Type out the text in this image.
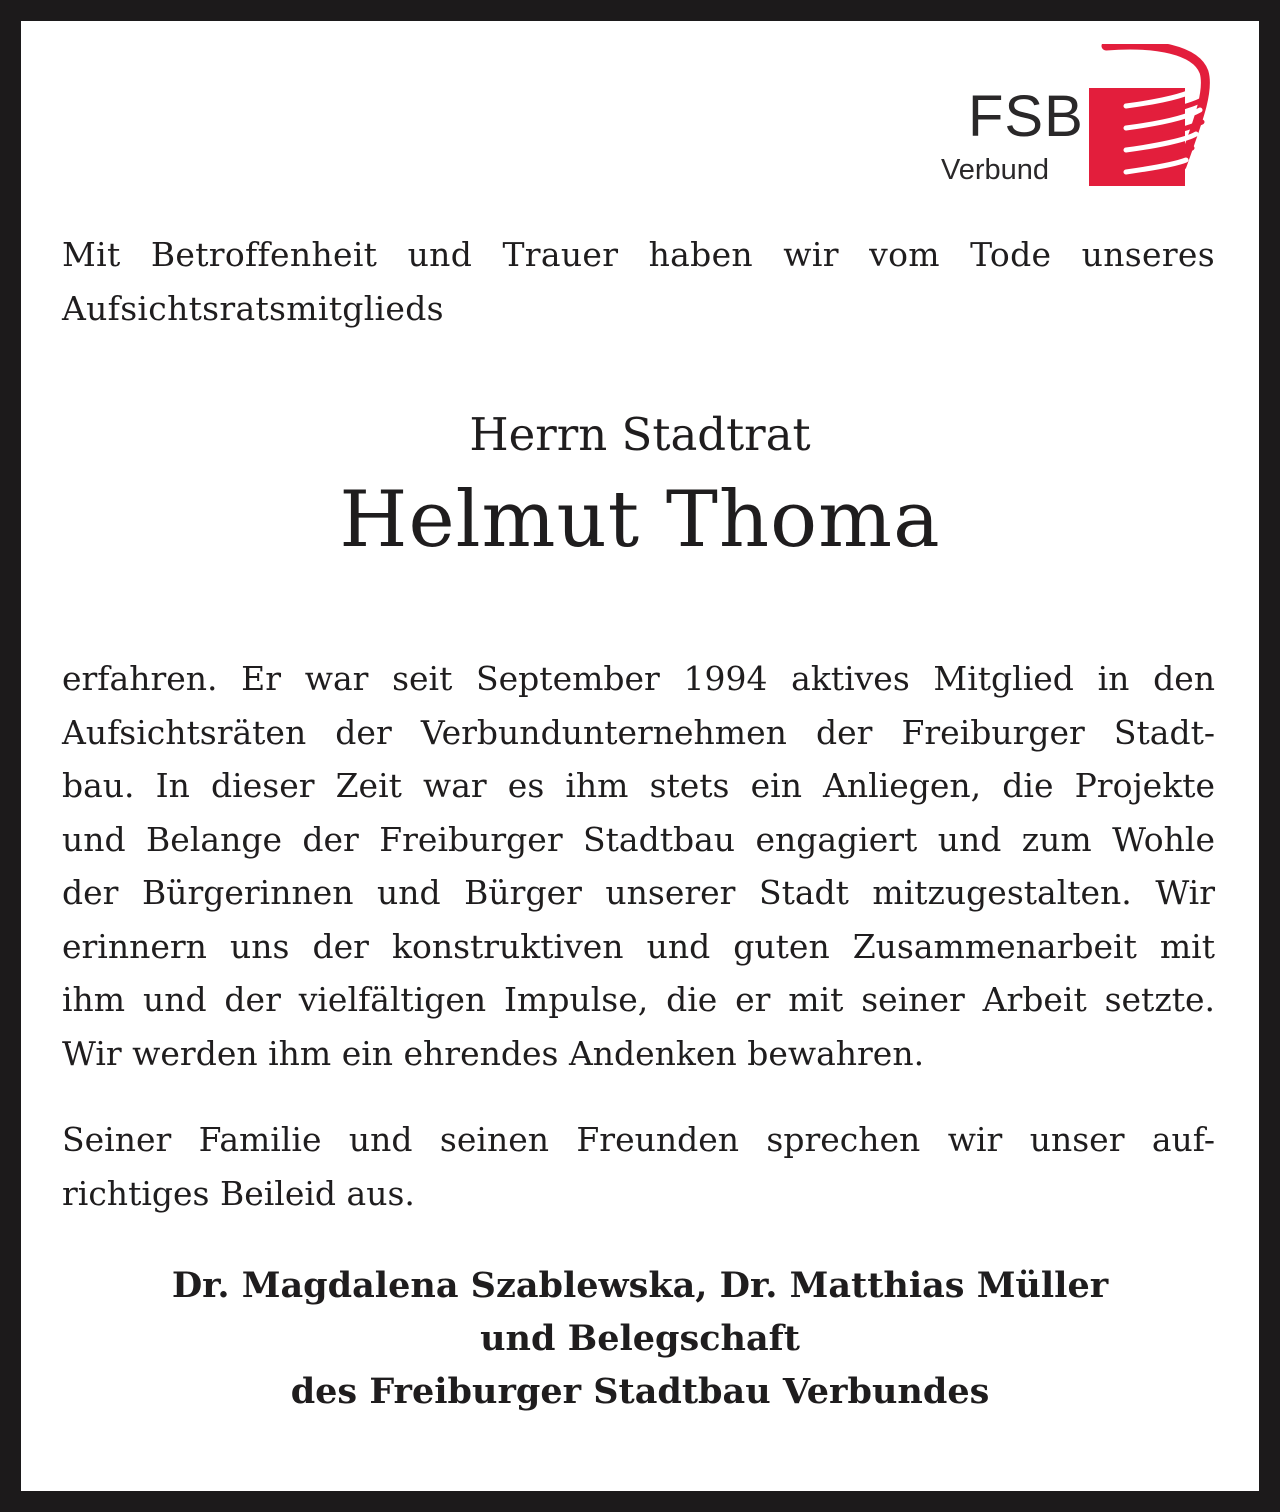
FSB
Verbund

Mit Betroffenheit und Trauer haben wir vom Tode unseres
Aufsichtsratsmitglieds

Herrn Stadtrat

Helmut Thoma

erfahren. Er war seit September 1994 aktives Mitglied in den
Aufsichtsräten der Verbundunternehmen der Freiburger Stadt-
bau. In dieser Zeit war es ihm stets ein Anliegen, die Projekte
und Belange der Freiburger Stadtbau engagiert und zum Wohle
der Bürgerinnen und Bürger unserer Stadt mitzugestalten. Wir
erinnern uns der konstruktiven und guten Zusammenarbeit mit
ihm und der vielfältigen Impulse, die er mit seiner Arbeit setzte.
Wir werden ihm ein ehrendes Andenken bewahren.

Seiner Familie und seinen Freunden sprechen wir unser auf-
richtiges Beileid aus.

Dr. Magdalena Szablewska, Dr. Matthias Müller
und Belegschaft
des Freiburger Stadtbau Verbundes
